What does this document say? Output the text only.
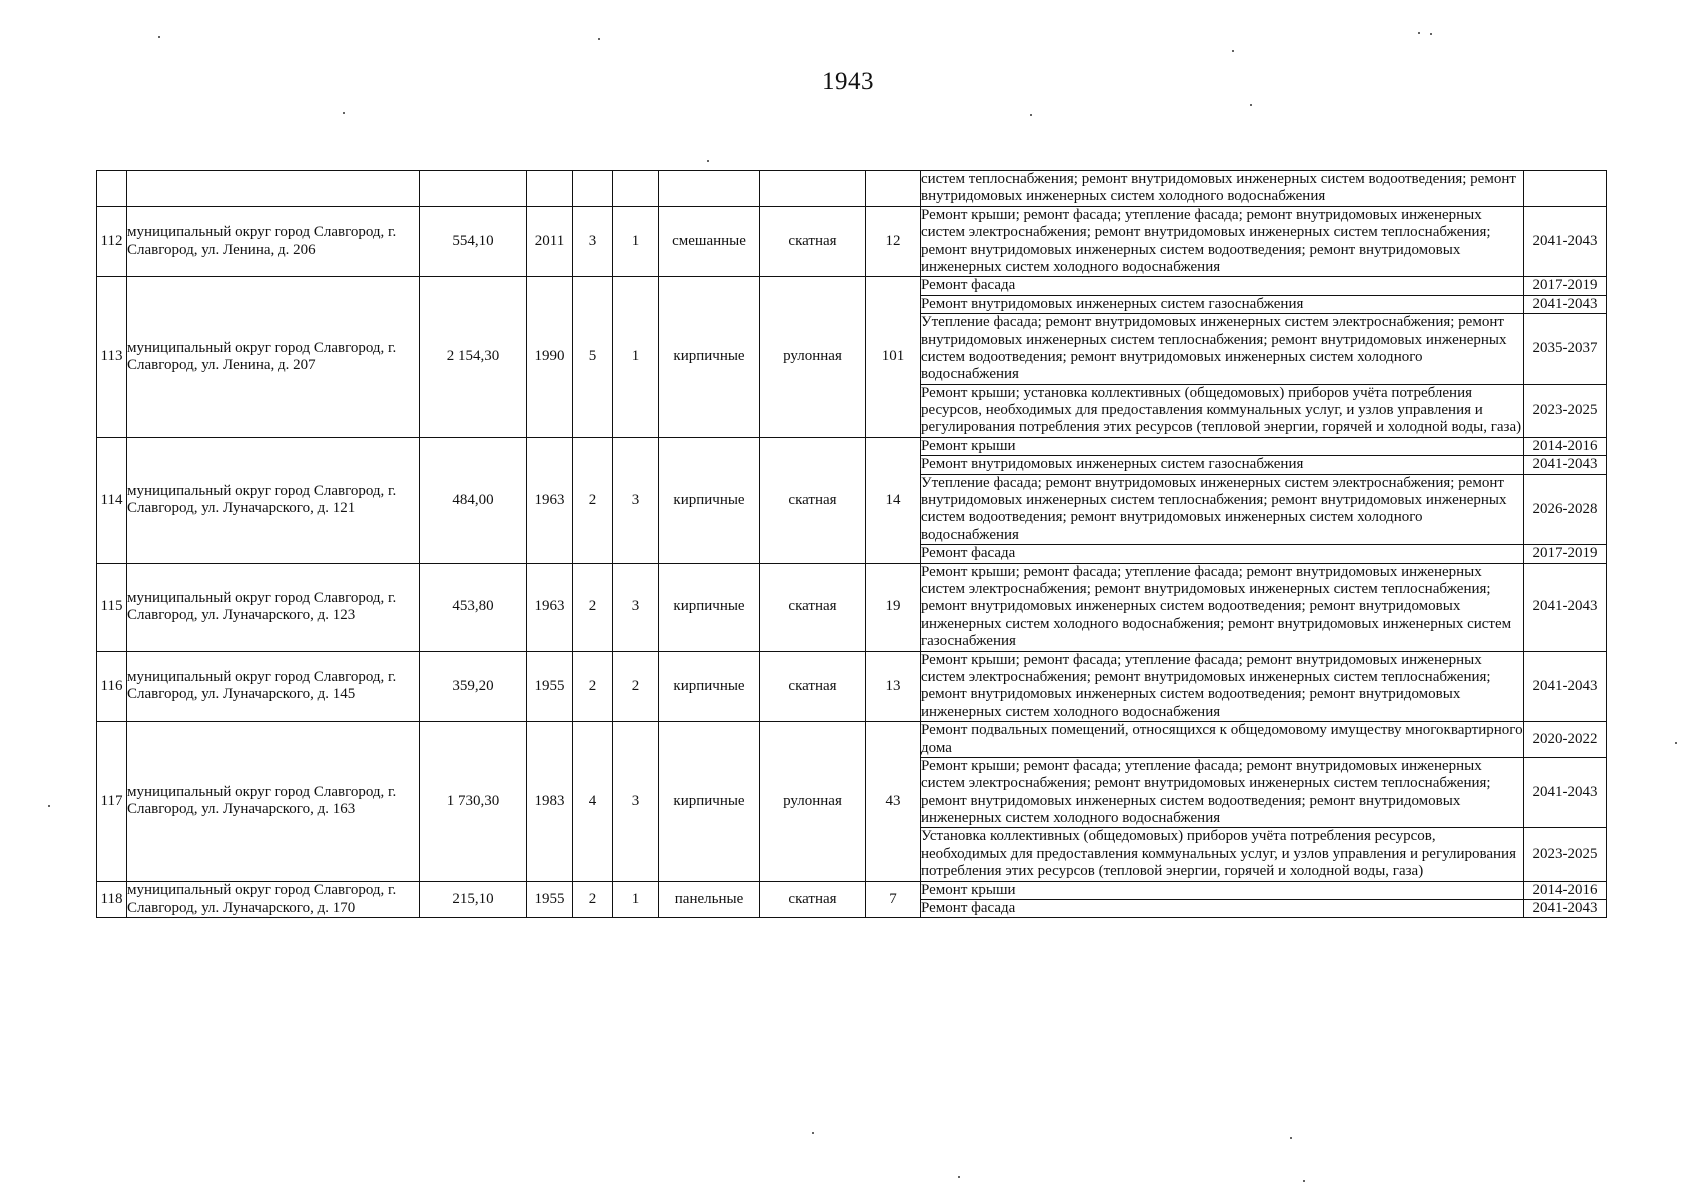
1943
									систем теплоснабжения; ремонт внутридомовых инженерных систем водоотведения; ремонт внутридомовых инженерных систем холодного водоснабжения	
112	муниципальный округ город Славгород, г. Славгород, ул. Ленина, д. 206	554,10	2011	3	1	смешанные	скатная	12	Ремонт крыши; ремонт фасада; утепление фасада; ремонт внутридомовых инженерных систем электроснабжения; ремонт внутридомовых инженерных систем теплоснабжения; ремонт внутридомовых инженерных систем водоотведения; ремонт внутридомовых инженерных систем холодного водоснабжения	2041-2043
113	муниципальный округ город Славгород, г. Славгород, ул. Ленина, д. 207	2 154,30	1990	5	1	кирпичные	рулонная	101	Ремонт фасада	2017-2019
									Ремонт внутридомовых инженерных систем газоснабжения	2041-2043
									Утепление фасада; ремонт внутридомовых инженерных систем электроснабжения; ремонт внутридомовых инженерных систем теплоснабжения; ремонт внутридомовых инженерных систем водоотведения; ремонт внутридомовых инженерных систем холодного водоснабжения	2035-2037
									Ремонт крыши; установка коллективных (общедомовых) приборов учёта потребления ресурсов, необходимых для предоставления коммунальных услуг, и узлов управления и регулирования потребления этих ресурсов (тепловой энергии, горячей и холодной воды, газа)	2023-2025
114	муниципальный округ город Славгород, г. Славгород, ул. Луначарского, д. 121	484,00	1963	2	3	кирпичные	скатная	14	Ремонт крыши	2014-2016
									Ремонт внутридомовых инженерных систем газоснабжения	2041-2043
									Утепление фасада; ремонт внутридомовых инженерных систем электроснабжения; ремонт внутридомовых инженерных систем теплоснабжения; ремонт внутридомовых инженерных систем водоотведения; ремонт внутридомовых инженерных систем холодного водоснабжения	2026-2028
									Ремонт фасада	2017-2019
115	муниципальный округ город Славгород, г. Славгород, ул. Луначарского, д. 123	453,80	1963	2	3	кирпичные	скатная	19	Ремонт крыши; ремонт фасада; утепление фасада; ремонт внутридомовых инженерных систем электроснабжения; ремонт внутридомовых инженерных систем теплоснабжения; ремонт внутридомовых инженерных систем водоотведения; ремонт внутридомовых инженерных систем холодного водоснабжения; ремонт внутридомовых инженерных систем газоснабжения	2041-2043
116	муниципальный округ город Славгород, г. Славгород, ул. Луначарского, д. 145	359,20	1955	2	2	кирпичные	скатная	13	Ремонт крыши; ремонт фасада; утепление фасада; ремонт внутридомовых инженерных систем электроснабжения; ремонт внутридомовых инженерных систем теплоснабжения; ремонт внутридомовых инженерных систем водоотведения; ремонт внутридомовых инженерных систем холодного водоснабжения	2041-2043
117	муниципальный округ город Славгород, г. Славгород, ул. Луначарского, д. 163	1 730,30	1983	4	3	кирпичные	рулонная	43	Ремонт подвальных помещений, относящихся к общедомовому имуществу многоквартирного дома	2020-2022
									Ремонт крыши; ремонт фасада; утепление фасада; ремонт внутридомовых инженерных систем электроснабжения; ремонт внутридомовых инженерных систем теплоснабжения; ремонт внутридомовых инженерных систем водоотведения; ремонт внутридомовых инженерных систем холодного водоснабжения	2041-2043
									Установка коллективных (общедомовых) приборов учёта потребления ресурсов, необходимых для предоставления коммунальных услуг, и узлов управления и регулирования потребления этих ресурсов (тепловой энергии, горячей и холодной воды, газа)	2023-2025
118	муниципальный округ город Славгород, г. Славгород, ул. Луначарского, д. 170	215,10	1955	2	1	панельные	скатная	7	Ремонт крыши	2014-2016
									Ремонт фасада	2041-2043
